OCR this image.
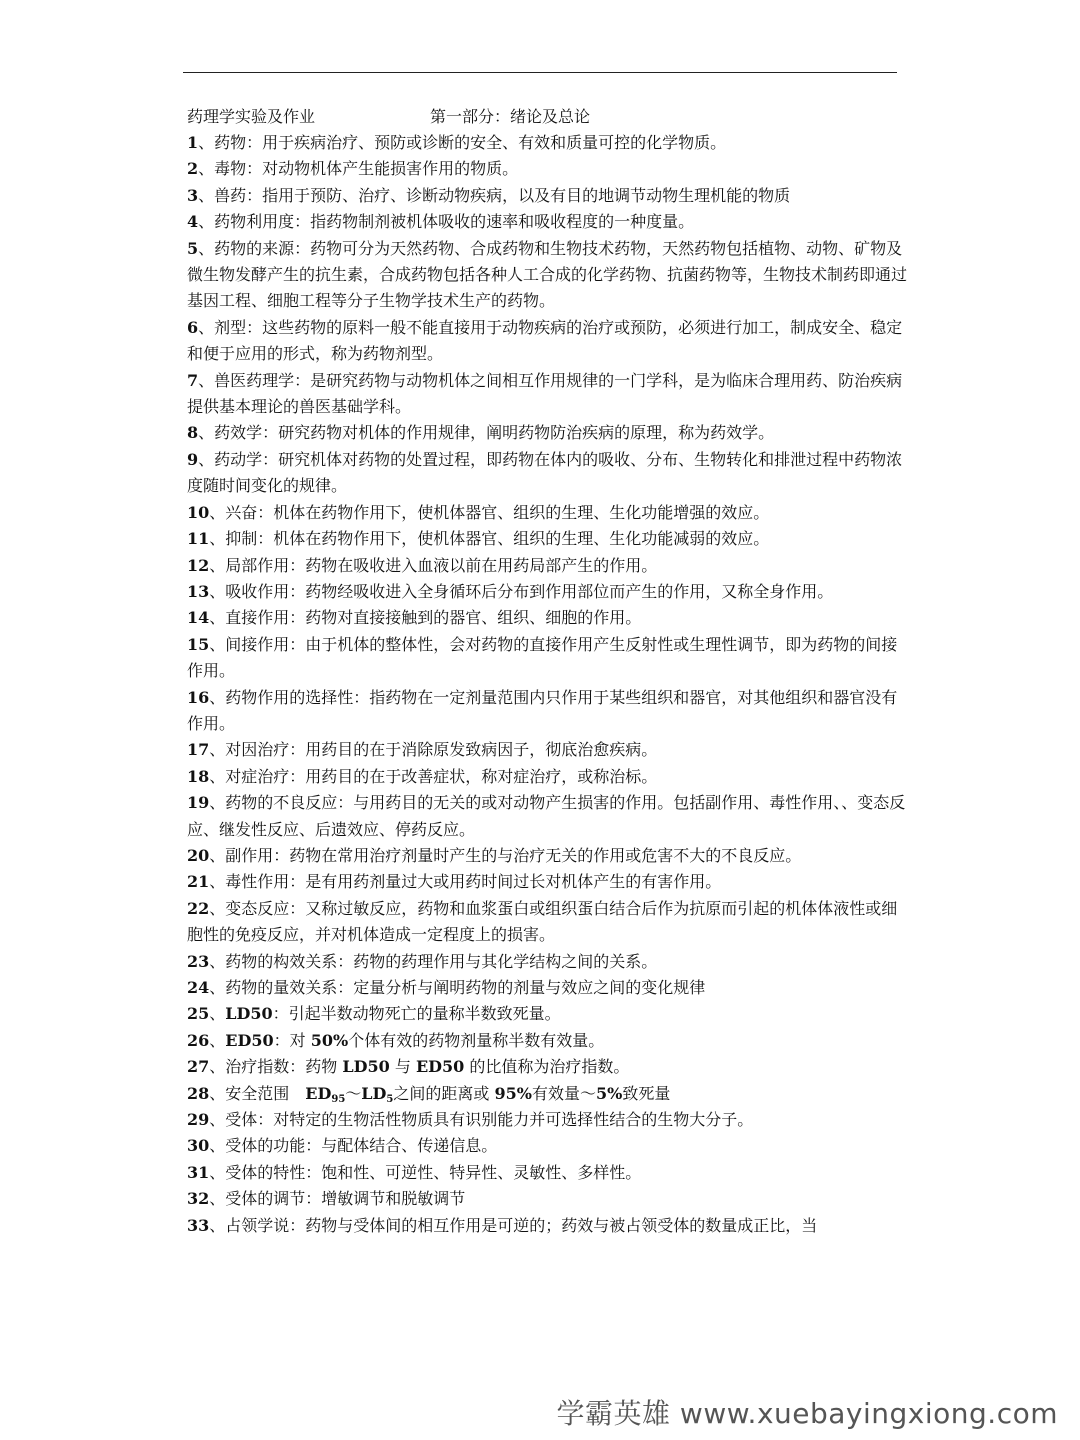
药理学实验及作业	第一部分：绪论及总论
1、药物：用于疾病治疗、预防或诊断的安全、有效和质量可控的化学物质。
2、毒物：对动物机体产生能损害作用的物质。
3、兽药：指用于预防、治疗、诊断动物疾病，以及有目的地调节动物生理机能的物质
4、药物利用度：指药物制剂被机体吸收的速率和吸收程度的一种度量。
5、药物的来源：药物可分为天然药物、合成药物和生物技术药物，天然药物包括植物、动物、矿物及微生物发酵产生的抗生素，合成药物包括各种人工合成的化学药物、抗菌药物等，生物技术制药即通过基因工程、细胞工程等分子生物学技术生产的药物。
6、剂型：这些药物的原料一般不能直接用于动物疾病的治疗或预防，必须进行加工，制成安全、稳定和便于应用的形式，称为药物剂型。
7、兽医药理学：是研究药物与动物机体之间相互作用规律的一门学科，是为临床合理用药、防治疾病提供基本理论的兽医基础学科。
8、药效学：研究药物对机体的作用规律，阐明药物防治疾病的原理，称为药效学。
9、药动学：研究机体对药物的处置过程，即药物在体内的吸收、分布、生物转化和排泄过程中药物浓度随时间变化的规律。
10、兴奋：机体在药物作用下，使机体器官、组织的生理、生化功能增强的效应。
11、抑制：机体在药物作用下，使机体器官、组织的生理、生化功能减弱的效应。
12、局部作用：药物在吸收进入血液以前在用药局部产生的作用。
13、吸收作用：药物经吸收进入全身循环后分布到作用部位而产生的作用，又称全身作用。
14、直接作用：药物对直接接触到的器官、组织、细胞的作用。
15、间接作用：由于机体的整体性，会对药物的直接作用产生反射性或生理性调节，即为药物的间接作用。
16、药物作用的选择性：指药物在一定剂量范围内只作用于某些组织和器官，对其他组织和器官没有作用。
17、对因治疗：用药目的在于消除原发致病因子，彻底治愈疾病。
18、对症治疗：用药目的在于改善症状，称对症治疗，或称治标。
19、药物的不良反应：与用药目的无关的或对动物产生损害的作用。包括副作用、毒性作用、、变态反应、继发性反应、后遗效应、停药反应。
20、副作用：药物在常用治疗剂量时产生的与治疗无关的作用或危害不大的不良反应。
21、毒性作用：是有用药剂量过大或用药时间过长对机体产生的有害作用。
22、变态反应：又称过敏反应，药物和血浆蛋白或组织蛋白结合后作为抗原而引起的机体体液性或细胞性的免疫反应，并对机体造成一定程度上的损害。
23、药物的构效关系：药物的药理作用与其化学结构之间的关系。
24、药物的量效关系：定量分析与阐明药物的剂量与效应之间的变化规律
25、LD50：引起半数动物死亡的量称半数致死量。
26、ED50：对 50%个体有效的药物剂量称半数有效量。
27、治疗指数：药物 LD50 与 ED50 的比值称为治疗指数。
28、安全范围　$ED_{95}\sim LD_5$之间的距离或 95%有效量～5%致死量
29、受体：对特定的生物活性物质具有识别能力并可选择性结合的生物大分子。
30、受体的功能：与配体结合、传递信息。
31、受体的特性：饱和性、可逆性、特异性、灵敏性、多样性。
32、受体的调节：增敏调节和脱敏调节
33、占领学说：药物与受体间的相互作用是可逆的；药效与被占领受体的数量成正比，当
学霸英雄 www.xuebayingxiong.com
